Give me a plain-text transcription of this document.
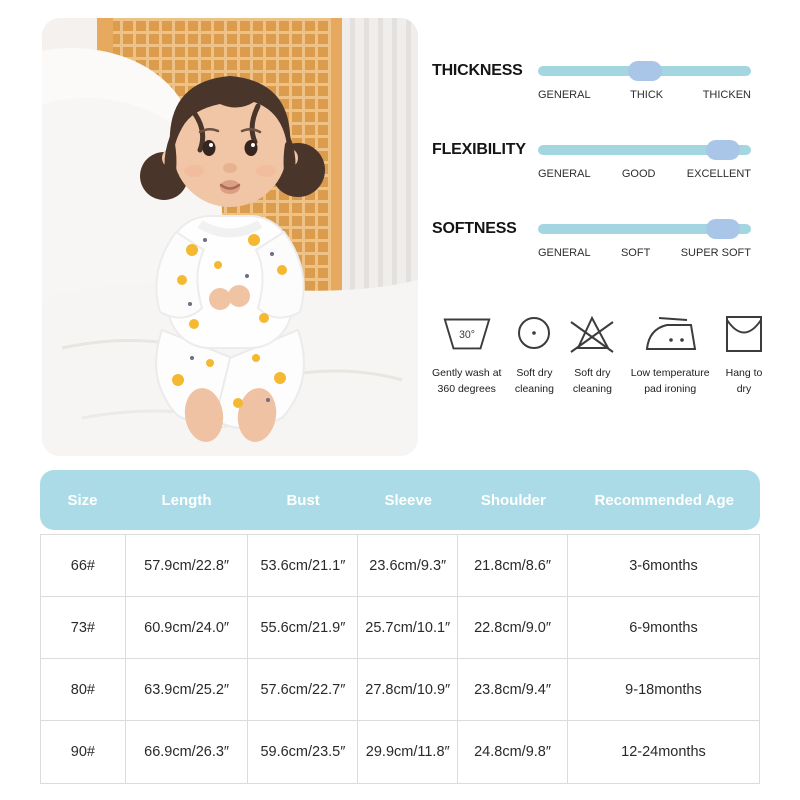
THICKNESS
GENERAL	THICK	THICKEN
FLEXIBILITY
GENERAL	GOOD	EXCELLENT
SOFTNESS
GENERAL	SOFT	SUPER SOFT
30°
Gently wash at
360 degrees
Soft dry
cleaning
Soft dry
cleaning
Low temperature
pad ironing
Hang to
dry
Size	Length	Bust	Sleeve	Shoulder	Recommended Age
66#	57.9cm/22.8″	53.6cm/21.1″	23.6cm/9.3″	21.8cm/8.6″	3-6months
73#	60.9cm/24.0″	55.6cm/21.9″	25.7cm/10.1″	22.8cm/9.0″	6-9months
80#	63.9cm/25.2″	57.6cm/22.7″	27.8cm/10.9″	23.8cm/9.4″	9-18months
90#	66.9cm/26.3″	59.6cm/23.5″	29.9cm/11.8″	24.8cm/9.8″	12-24months
